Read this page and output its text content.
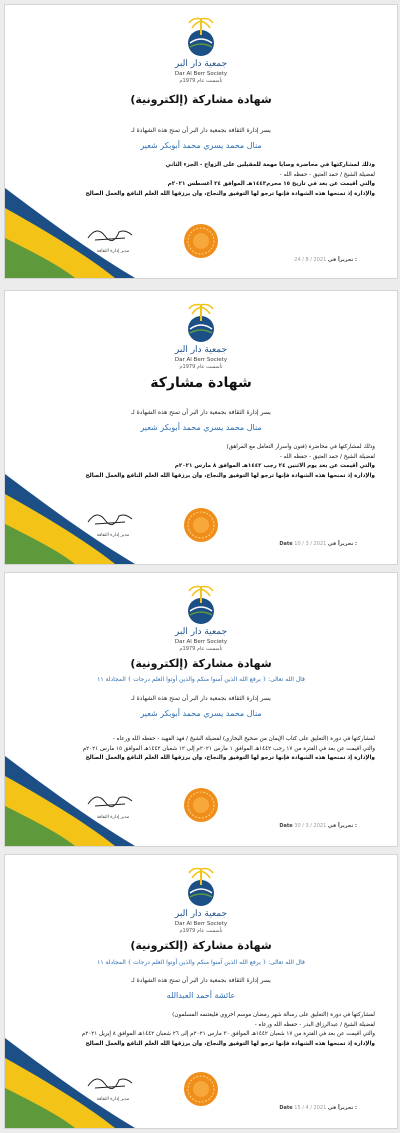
جمعية دار البر
Dar Al Berr Society
تأسست عام 1979م
شهادة مشاركة (إلكترونية)
يسر إدارة الثقافة بجمعية دار البر أن تمنح هذه الشهادة لـ
منال محمد يسري محمد أبوبكر شعير
وذلك لمشاركتها في محاضرة وصايا مهمة للمقبلين على الزواج - الجزء الثاني
لفضيلة الشيخ / حمد العتيق - حفظه الله -
والتي أقيمت عن بعد في تاريخ ١٥ محرم١٤٤٣هـ الموافق ٢٤ أغسطس ٢٠٢١م
والإدارة إذ تمنحها هذه الشهادة فإنها ترجو لها التوفيق والنجاح، وأن يرزقها الله العلم النافع والعمل الصالح
مدير إدارة الثقافة
24 / 8 / 2021 تحريراً في :
جمعية دار البر
Dar Al Berr Society
تأسست عام 1979م
شهادة مشاركة
يسر إدارة الثقافة بجمعية دار البر أن تمنح هذه الشهادة لـ
منال محمد يسري محمد أبوبكر شعير
وذلك لمشاركتها في محاضرة (فنون وأسرار التعامل مع المراهق)
لفضيلة الشيخ / حمد العتيق - حفظه الله -
والتي أقيمت عن بعد يوم الاثنين ٢٤ رجب ١٤٤٢هـ الموافق ٨ مارس ٢٠٢١م
والإدارة إذ تمنحها هذه الشهادة فإنها ترجو لها التوفيق والنجاح، وأن يرزقها الله العلم النافع والعمل الصالح
مدير إدارة الثقافة
Date 10 / 3 / 2021 تحريراً في :
جمعية دار البر
Dar Al Berr Society
تأسست عام 1979م
شهادة مشاركة (إلكترونية)
قال الله تعالى: ﴿ يرفع الله الذين آمنوا منكم والذين أوتوا العلم درجات ﴾ المجادلة ١١
يسر إدارة الثقافة بجمعية دار البر أن تمنح هذه الشهادة لـ
منال محمد يسري محمد أبوبكر شعير
لمشاركتها في دورة (التعليق على كتاب الإيمان من صحيح البخاري) لفضيلة الشيخ / فهد الفهيد - حفظه الله ورعاه -
والتي أقيمت عن بعد في الفترة من ١٧ رجب ١٤٤٢هـ الموافق ١ مارس ٢٠٢١م إلى ١٢ شعبان ١٤٤٢هـ الموافق ١٥ مارس ٢٠٢١م
والإدارة إذ تمنحها هذه الشهادة فإنها ترجو لها التوفيق والنجاح، وأن يرزقها الله العلم النافع والعمل الصالح
مدير إدارة الثقافة
Date 30 / 3 / 2021 تحريراً في :
جمعية دار البر
Dar Al Berr Society
تأسست عام 1979م
شهادة مشاركة (إلكترونية)
قال الله تعالى: ﴿ يرفع الله الذين آمنوا منكم والذين أوتوا العلم درجات ﴾ المجادلة ١١
يسر إدارة الثقافة بجمعية دار البر أن تمنح هذه الشهادة لـ
عائشة أحمد العبدالله
لمشاركتها في دورة (التعليق على رسالة شهر رمضان موسم أخروي فليغتنمه المسلمون)
لفضيلة الشيخ / عبدالرزاق البدر - حفظه الله ورعاه -
والتي أقيمت عن بعد في الفترة من ١٧ شعبان ١٤٤٢هـ الموافق ٣٠ مارس ٢٠٢١م إلى ٢٦ شعبان ١٤٤٢هـ الموافق ٨ إبريل ٢٠٢١م
والإدارة إذ تمنحها هذه الشهادة فإنها ترجو لها التوفيق والنجاح، وأن يرزقها الله العلم النافع والعمل الصالح
مدير إدارة الثقافة
Date 15 / 4 / 2021 تحريراً في :
